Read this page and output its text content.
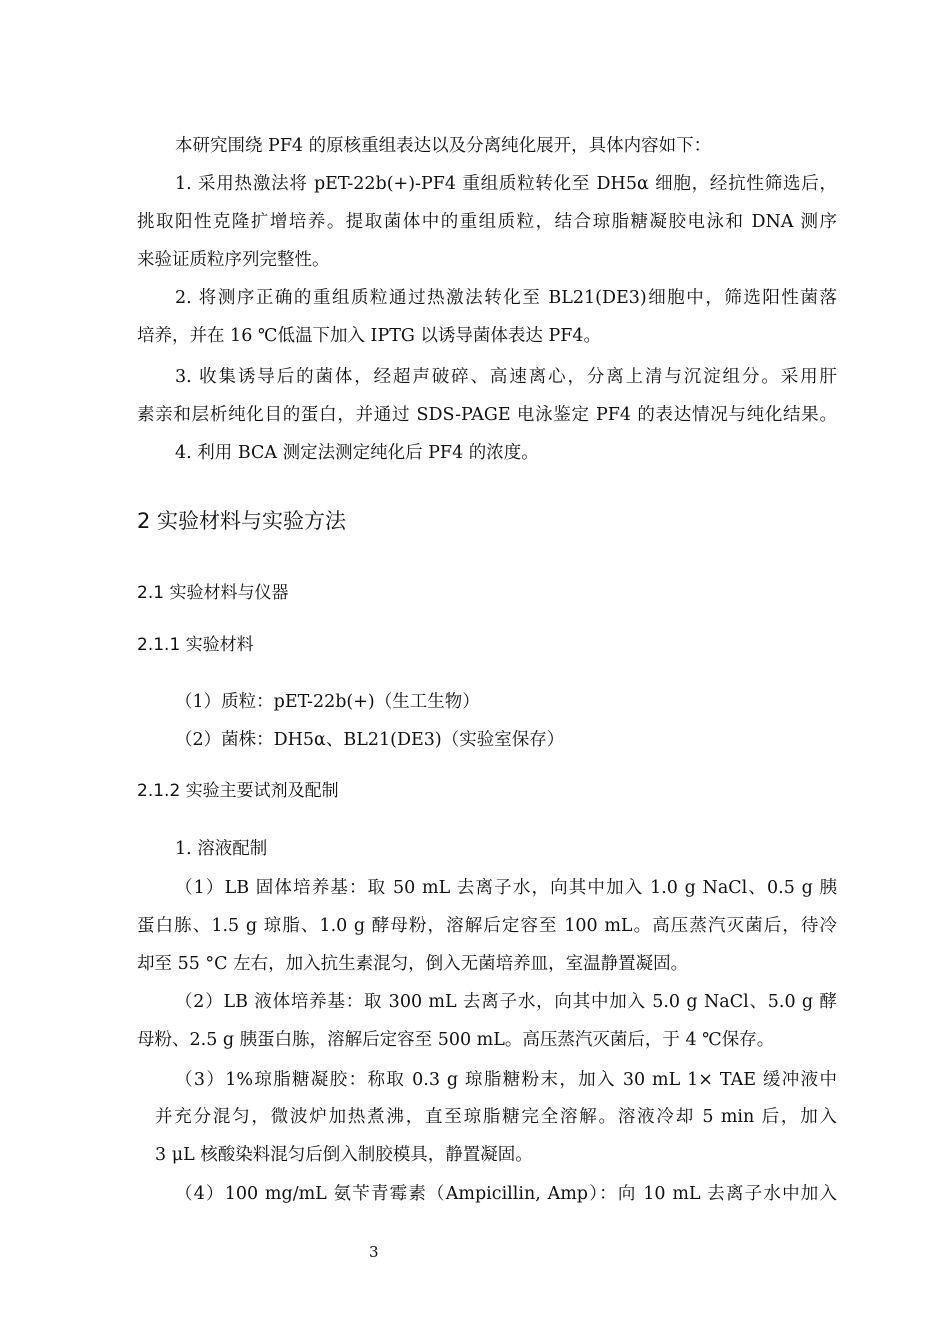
本研究围绕 PF4 的原核重组表达以及分离纯化展开，具体内容如下：
1. 采用热激法将 pET-22b(+)-PF4 重组质粒转化至 DH5α 细胞，经抗性筛选后，
挑取阳性克隆扩增培养。提取菌体中的重组质粒，结合琼脂糖凝胶电泳和 DNA 测序
来验证质粒序列完整性。
2. 将测序正确的重组质粒通过热激法转化至 BL21(DE3)细胞中，筛选阳性菌落
培养，并在 16 ℃低温下加入 IPTG 以诱导菌体表达 PF4。
3. 收集诱导后的菌体，经超声破碎、高速离心，分离上清与沉淀组分。采用肝
素亲和层析纯化目的蛋白，并通过 SDS-PAGE 电泳鉴定 PF4 的表达情况与纯化结果。
4. 利用 BCA 测定法测定纯化后 PF4 的浓度。
2 实验材料与实验方法
2.1 实验材料与仪器
2.1.1 实验材料
（1）质粒：pET-22b(+)（生工生物）
（2）菌株：DH5α、BL21(DE3)（实验室保存）
2.1.2 实验主要试剂及配制
1. 溶液配制
（1）LB 固体培养基：取 50 mL 去离子水，向其中加入 1.0 g NaCl、0.5 g 胰
蛋白胨、1.5 g 琼脂、1.0 g 酵母粉，溶解后定容至 100 mL。高压蒸汽灭菌后，待冷
却至 55 °C 左右，加入抗生素混匀，倒入无菌培养皿，室温静置凝固。
（2）LB 液体培养基：取 300 mL 去离子水，向其中加入 5.0 g NaCl、5.0 g 酵
母粉、2.5 g 胰蛋白胨，溶解后定容至 500 mL。高压蒸汽灭菌后，于 4 ℃保存。
（3）1%琼脂糖凝胶：称取 0.3 g 琼脂糖粉末，加入 30 mL 1× TAE 缓冲液中
并充分混匀，微波炉加热煮沸，直至琼脂糖完全溶解。溶液冷却 5 min 后，加入
3 μL 核酸染料混匀后倒入制胶模具，静置凝固。
（4）100 mg/mL 氨苄青霉素（Ampicillin, Amp）：向 10 mL 去离子水中加入
3
